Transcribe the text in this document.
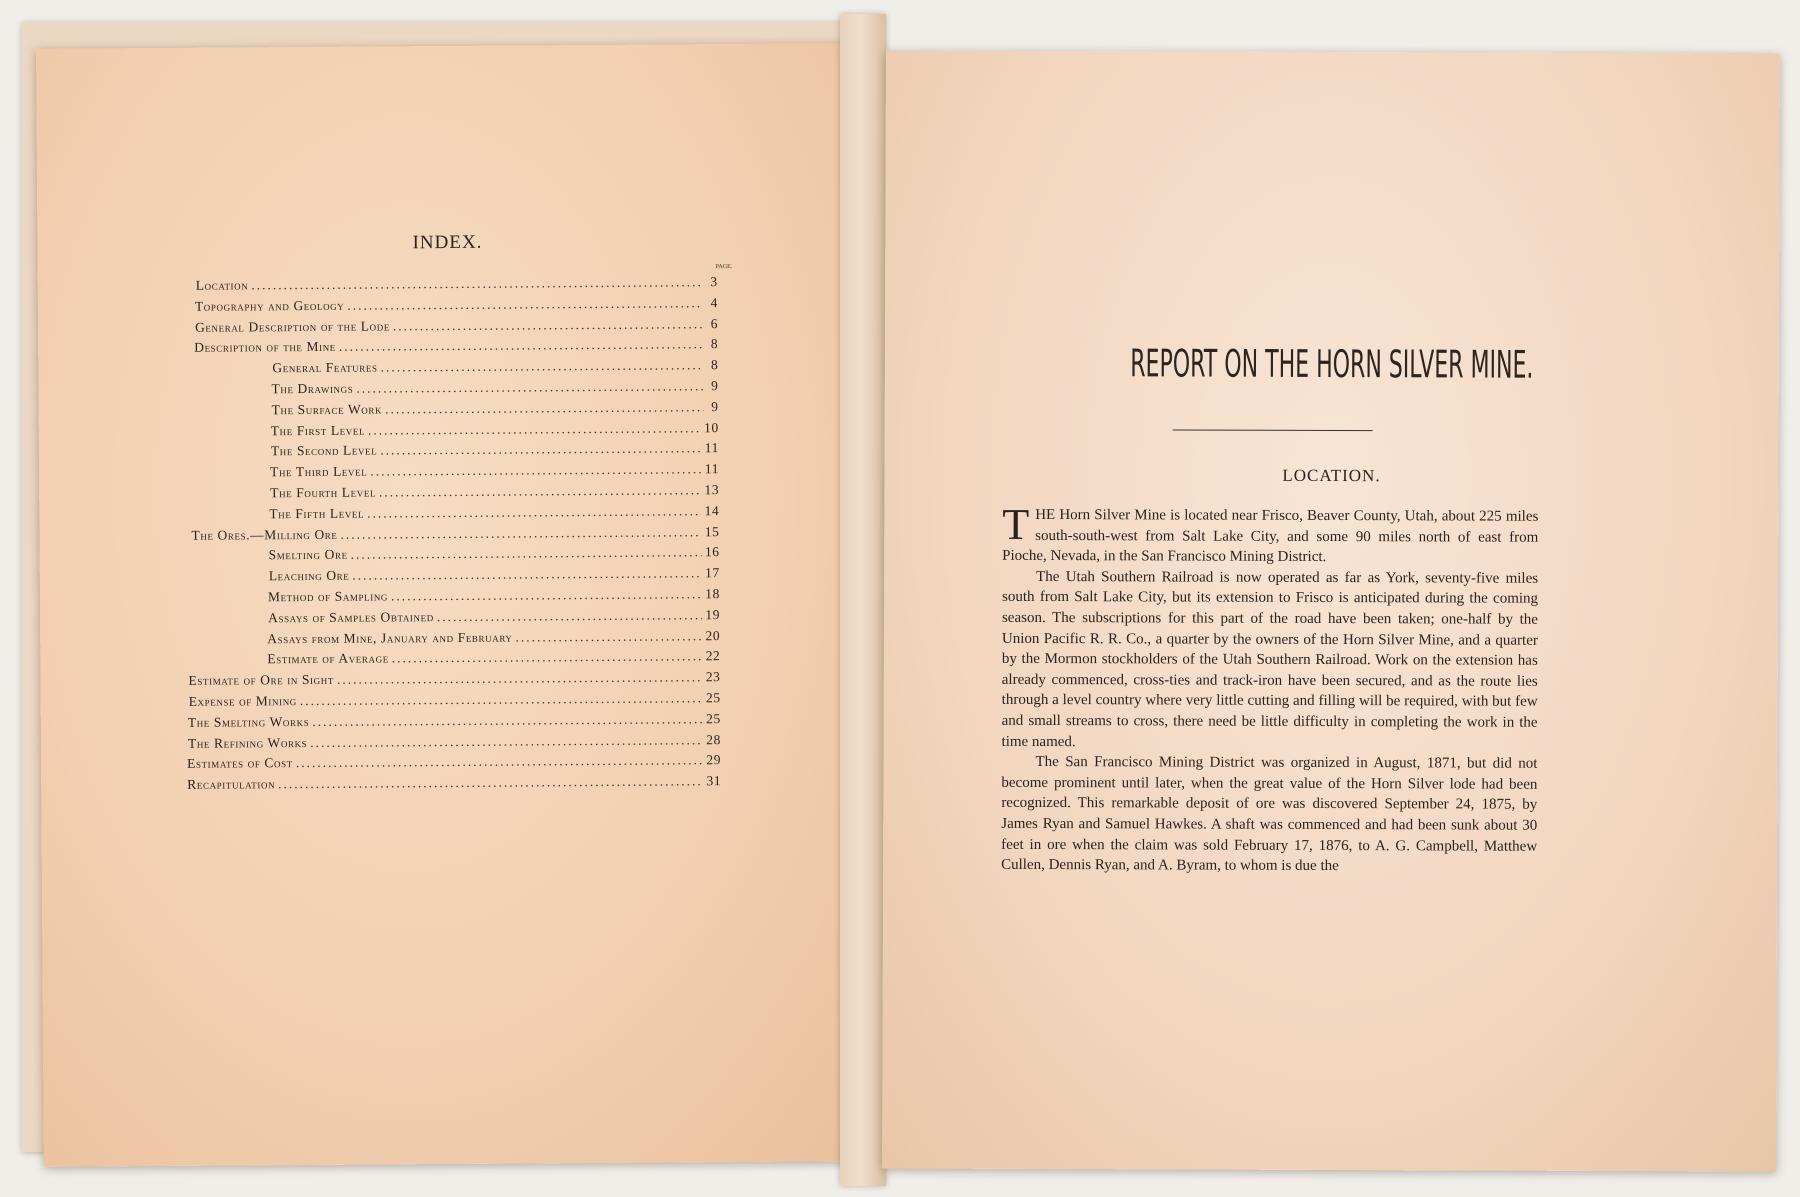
INDEX.
PAGE.
Location .....	3
Topography and Geology .....	4
General Description of the Lode .....	6
Description of the Mine .....	8
General Features .....	8
The Drawings .....	9
The Surface Work .....	9
The First Level .....	10
The Second Level .....	11
The Third Level .....	11
The Fourth Level .....	13
The Fifth Level .....	14
The Ores.—Milling Ore .....	15
Smelting Ore .....	16
Leaching Ore .....	17
Method of Sampling .....	18
Assays of Samples Obtained .....	19
Assays from Mine, January and February .....	20
Estimate of Average .....	22
Estimate of Ore in Sight .....	23
Expense of Mining .....	25
The Smelting Works .....	25
The Refining Works .....	28
Estimates of Cost .....	29
Recapitulation .....	31
REPORT ON THE HORN SILVER MINE.
LOCATION.

THE Horn Silver Mine is located near Frisco, Beaver County, Utah, about 225 miles south-south-west from Salt Lake City, and some 90 miles north of east from Pioche, Nevada, in the San Francisco Mining District.

The Utah Southern Railroad is now operated as far as York, seventy-five miles south from Salt Lake City, but its extension to Frisco is anticipated during the coming season. The subscriptions for this part of the road have been taken; one-half by the Union Pacific R. R. Co., a quarter by the owners of the Horn Silver Mine, and a quarter by the Mormon stockholders of the Utah Southern Railroad. Work on the extension has already commenced, cross-ties and track-iron have been secured, and as the route lies through a level country where very little cutting and filling will be required, with but few and small streams to cross, there need be little difficulty in completing the work in the time named.

The San Francisco Mining District was organized in August, 1871, but did not become prominent until later, when the great value of the Horn Silver lode had been recognized. This remarkable deposit of ore was discovered September 24, 1875, by James Ryan and Samuel Hawkes. A shaft was commenced and had been sunk about 30 feet in ore when the claim was sold February 17, 1876, to A. G. Campbell, Matthew Cullen, Dennis Ryan, and A. Byram, to whom is due the
